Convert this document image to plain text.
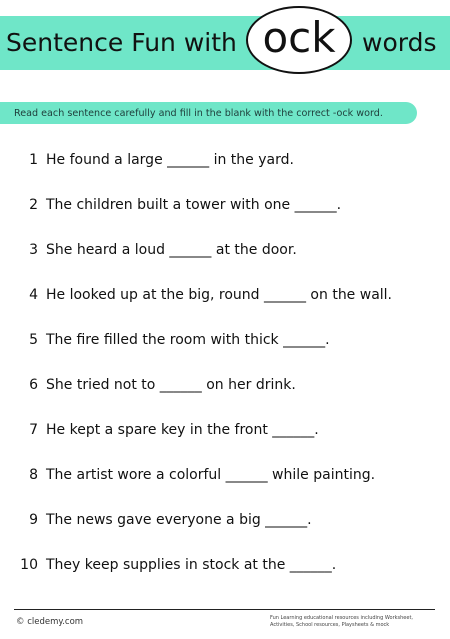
Sentence Fun with ock words
Read each sentence carefully and fill in the blank with the correct -ock word.
1 He found a large ______ in the yard.
2 The children built a tower with one ______.
3 She heard a loud ______ at the door.
4 He looked up at the big, round ______ on the wall.
5 The fire filled the room with thick ______.
6 She tried not to ______ on her drink.
7 He kept a spare key in the front ______.
8 The artist wore a colorful ______ while painting.
9 The news gave everyone a big ______.
10 They keep supplies in stock at the ______.
© cledemy.com	Fun Learning educational resources including Worksheet,
Activities, School resources, Playsheets & mock
